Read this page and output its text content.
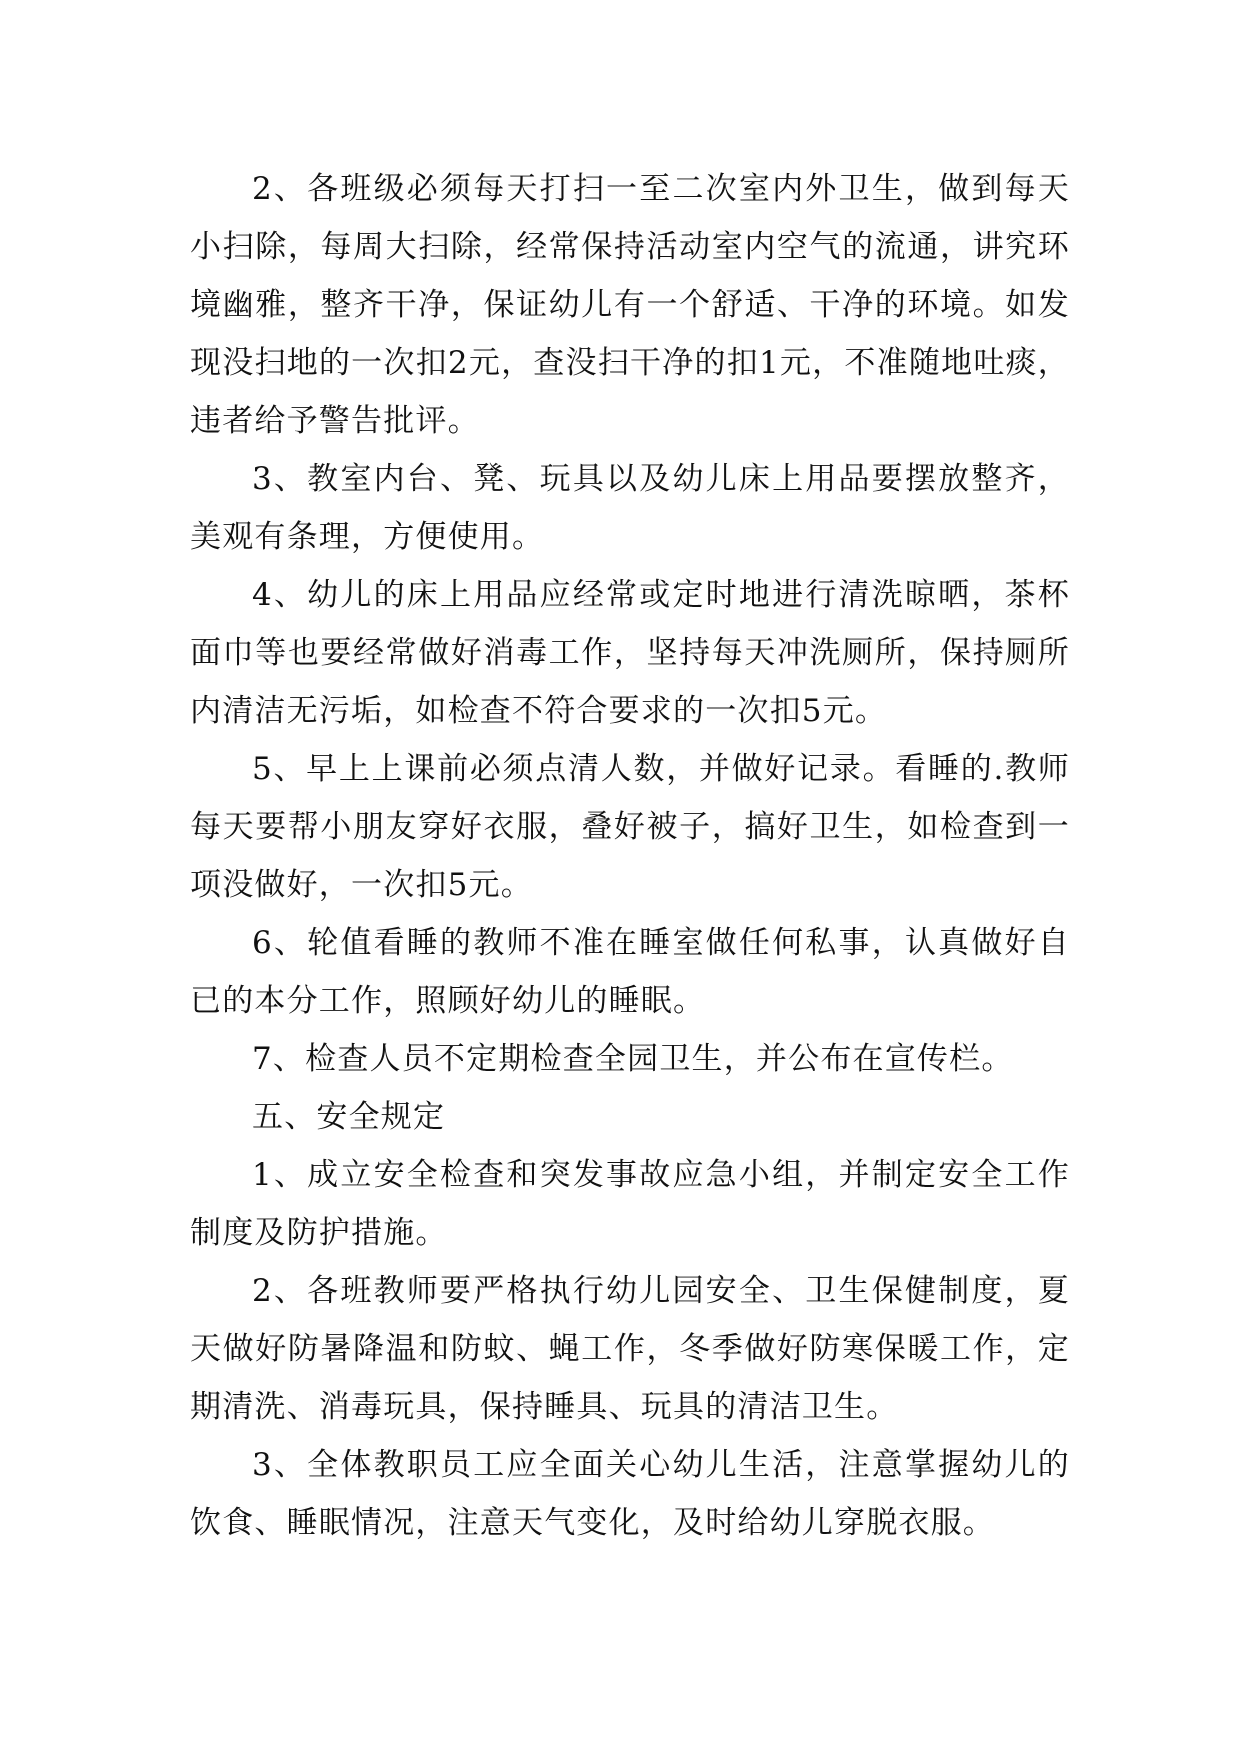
2、各班级必须每天打扫一至二次室内外卫生，做到每天小扫除，每周大扫除，经常保持活动室内空气的流通，讲究环境幽雅，整齐干净，保证幼儿有一个舒适、干净的环境。如发现没扫地的一次扣2元，查没扫干净的扣1元，不准随地吐痰，违者给予警告批评。

3、教室内台、凳、玩具以及幼儿床上用品要摆放整齐，美观有条理，方便使用。

4、幼儿的床上用品应经常或定时地进行清洗晾晒，茶杯面巾等也要经常做好消毒工作，坚持每天冲洗厕所，保持厕所内清洁无污垢，如检查不符合要求的一次扣5元。

5、早上上课前必须点清人数，并做好记录。看睡的.教师每天要帮小朋友穿好衣服，叠好被子，搞好卫生，如检查到一项没做好，一次扣5元。

6、轮值看睡的教师不准在睡室做任何私事，认真做好自已的本分工作，照顾好幼儿的睡眠。

7、检查人员不定期检查全园卫生，并公布在宣传栏。

五、安全规定

1、成立安全检查和突发事故应急小组，并制定安全工作制度及防护措施。

2、各班教师要严格执行幼儿园安全、卫生保健制度，夏天做好防暑降温和防蚊、蝇工作，冬季做好防寒保暖工作，定期清洗、消毒玩具，保持睡具、玩具的清洁卫生。

3、全体教职员工应全面关心幼儿生活，注意掌握幼儿的饮食、睡眠情况，注意天气变化，及时给幼儿穿脱衣服。
